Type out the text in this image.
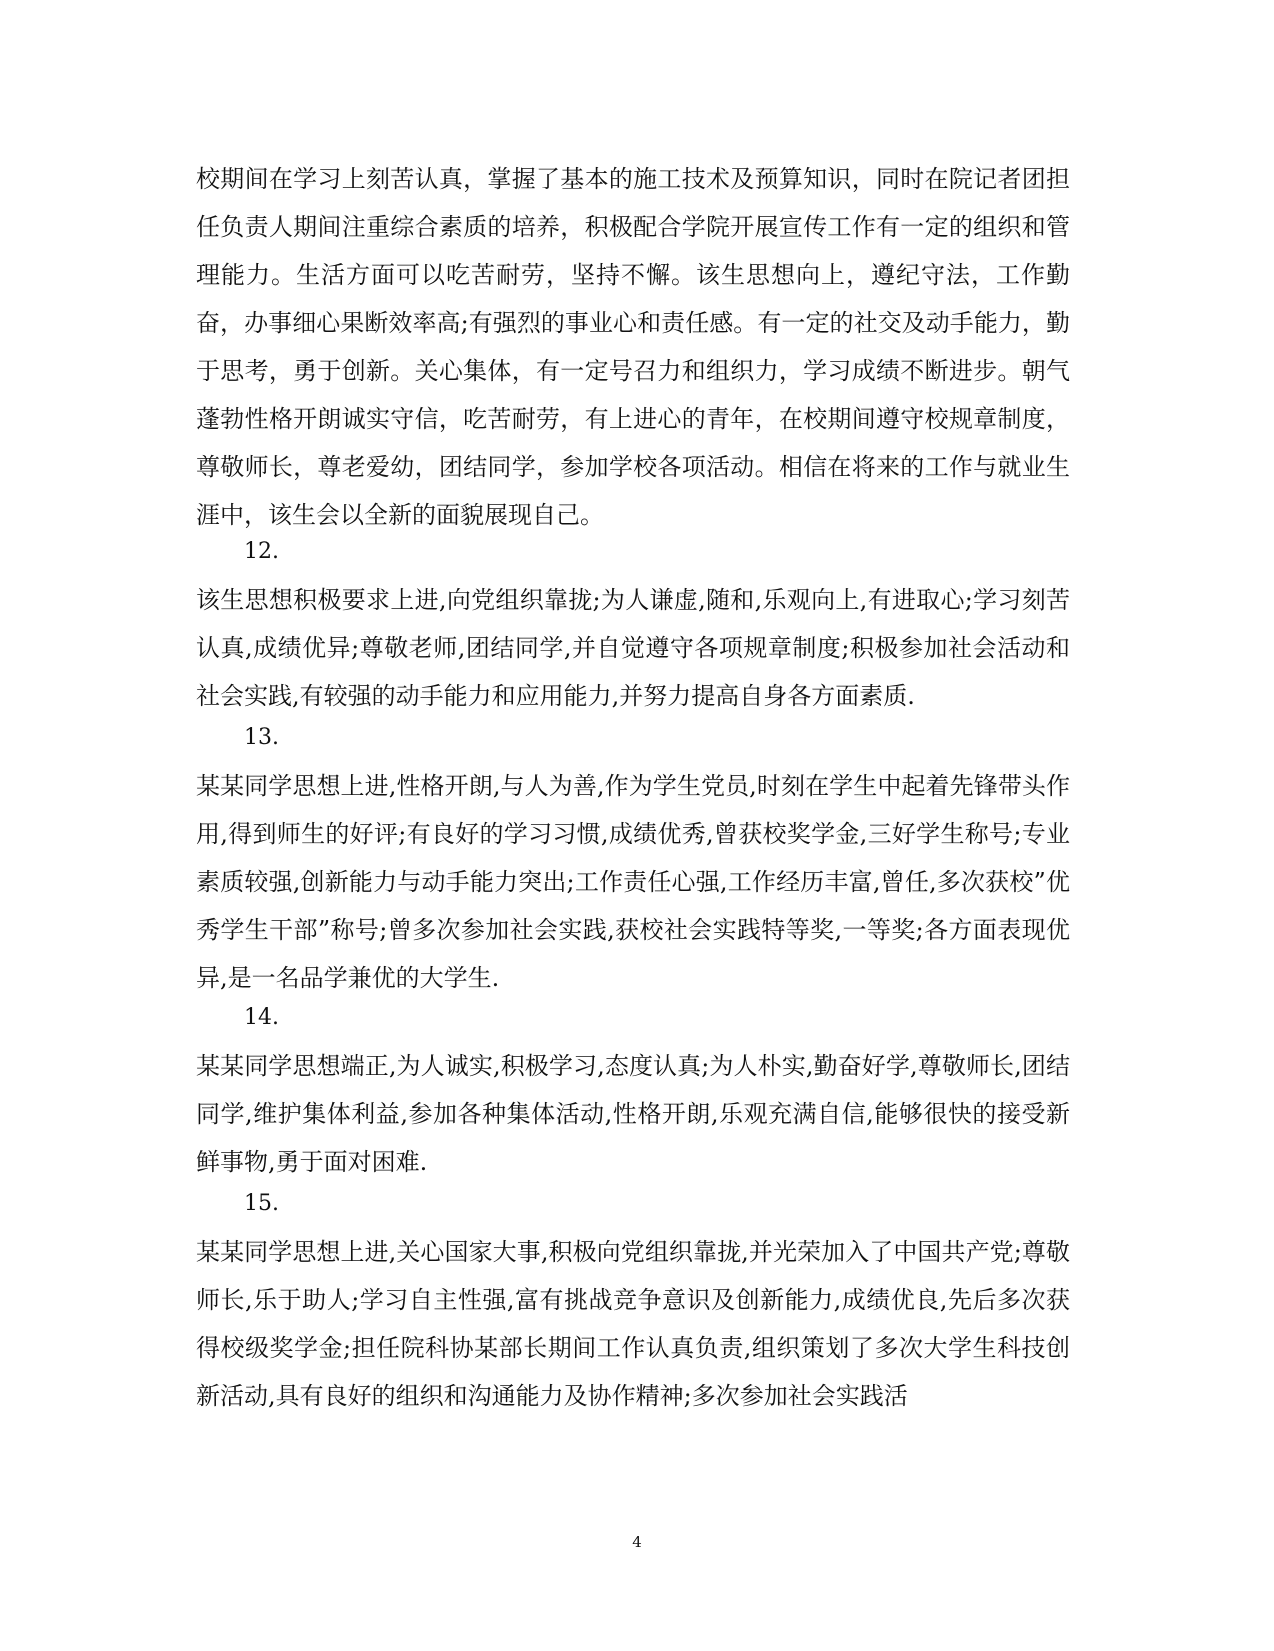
校期间在学习上刻苦认真，掌握了基本的施工技术及预算知识，同时在院记者团担任负责人期间注重综合素质的培养，积极配合学院开展宣传工作有一定的组织和管理能力。生活方面可以吃苦耐劳，坚持不懈。该生思想向上，遵纪守法，工作勤奋，办事细心果断效率高;有强烈的事业心和责任感。有一定的社交及动手能力，勤于思考，勇于创新。关心集体，有一定号召力和组织力，学习成绩不断进步。朝气蓬勃性格开朗诚实守信，吃苦耐劳，有上进心的青年，在校期间遵守校规章制度，尊敬师长，尊老爱幼，团结同学，参加学校各项活动。相信在将来的工作与就业生涯中，该生会以全新的面貌展现自己。

12.

该生思想积极要求上进,向党组织靠拢;为人谦虚,随和,乐观向上,有进取心;学习刻苦认真,成绩优异;尊敬老师,团结同学,并自觉遵守各项规章制度;积极参加社会活动和社会实践,有较强的动手能力和应用能力,并努力提高自身各方面素质.

13.

某某同学思想上进,性格开朗,与人为善,作为学生党员,时刻在学生中起着先锋带头作用,得到师生的好评;有良好的学习习惯,成绩优秀,曾获校奖学金,三好学生称号;专业素质较强,创新能力与动手能力突出;工作责任心强,工作经历丰富,曾任,多次获校”优秀学生干部”称号;曾多次参加社会实践,获校社会实践特等奖,一等奖;各方面表现优异,是一名品学兼优的大学生.

14.

某某同学思想端正,为人诚实,积极学习,态度认真;为人朴实,勤奋好学,尊敬师长,团结同学,维护集体利益,参加各种集体活动,性格开朗,乐观充满自信,能够很快的接受新鲜事物,勇于面对困难.

15.

某某同学思想上进,关心国家大事,积极向党组织靠拢,并光荣加入了中国共产党;尊敬师长,乐于助人;学习自主性强,富有挑战竞争意识及创新能力,成绩优良,先后多次获得校级奖学金;担任院科协某部长期间工作认真负责,组织策划了多次大学生科技创新活动,具有良好的组织和沟通能力及协作精神;多次参加社会实践活

4
